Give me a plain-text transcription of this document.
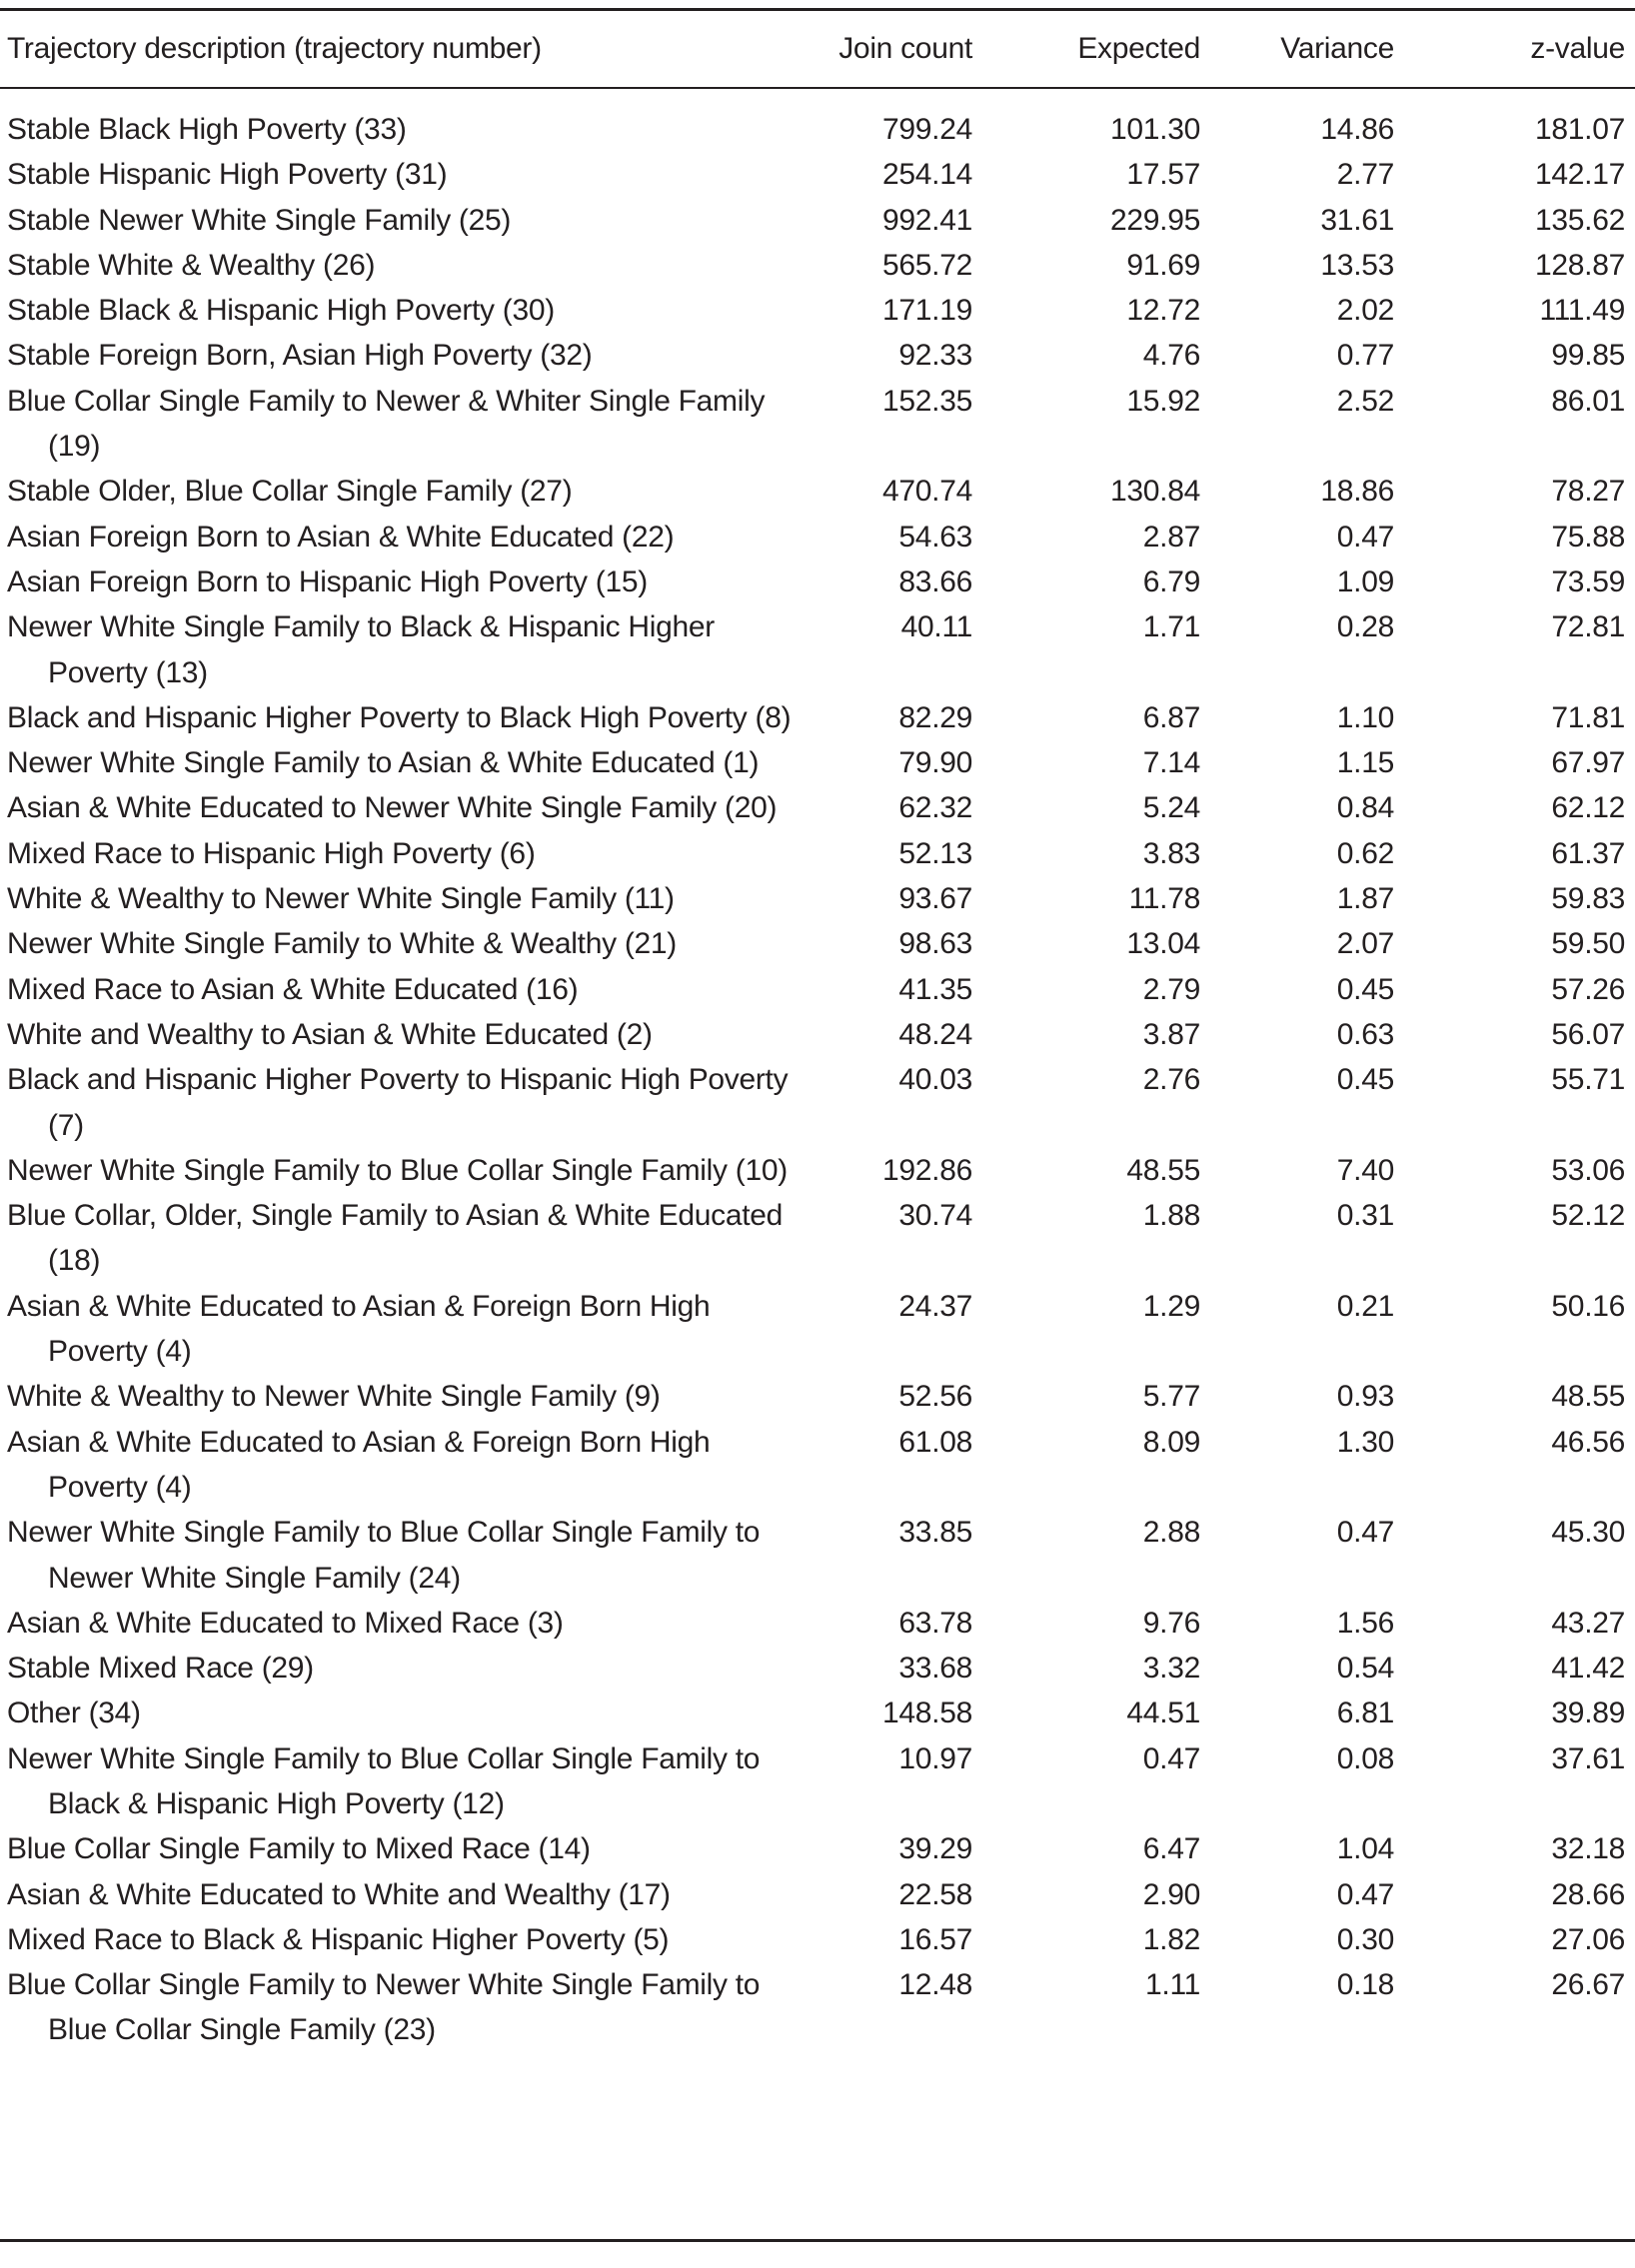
Trajectory description (trajectory number)	Join count	Expected	Variance	z-value

Stable Black High Poverty (33)	799.24	101.30	14.86	181.07

Stable Hispanic High Poverty (31)	254.14	17.57	2.77	142.17

Stable Newer White Single Family (25)	992.41	229.95	31.61	135.62

Stable White & Wealthy (26)	565.72	91.69	13.53	128.87

Stable Black & Hispanic High Poverty (30)	171.19	12.72	2.02	111.49

Stable Foreign Born, Asian High Poverty (32)	92.33	4.76	0.77	99.85

Blue Collar Single Family to Newer & Whiter Single Family (19)	152.35	15.92	2.52	86.01

Stable Older, Blue Collar Single Family (27)	470.74	130.84	18.86	78.27

Asian Foreign Born to Asian & White Educated (22)	54.63	2.87	0.47	75.88

Asian Foreign Born to Hispanic High Poverty (15)	83.66	6.79	1.09	73.59

Newer White Single Family to Black & Hispanic Higher Poverty (13)	40.11	1.71	0.28	72.81

Black and Hispanic Higher Poverty to Black High Poverty (8)	82.29	6.87	1.10	71.81

Newer White Single Family to Asian & White Educated (1)	79.90	7.14	1.15	67.97

Asian & White Educated to Newer White Single Family (20)	62.32	5.24	0.84	62.12

Mixed Race to Hispanic High Poverty (6)	52.13	3.83	0.62	61.37

White & Wealthy to Newer White Single Family (11)	93.67	11.78	1.87	59.83

Newer White Single Family to White & Wealthy (21)	98.63	13.04	2.07	59.50

Mixed Race to Asian & White Educated (16)	41.35	2.79	0.45	57.26

White and Wealthy to Asian & White Educated (2)	48.24	3.87	0.63	56.07

Black and Hispanic Higher Poverty to Hispanic High Poverty (7)	40.03	2.76	0.45	55.71

Newer White Single Family to Blue Collar Single Family (10)	192.86	48.55	7.40	53.06

Blue Collar, Older, Single Family to Asian & White Educated (18)	30.74	1.88	0.31	52.12

Asian & White Educated to Asian & Foreign Born High Poverty (4)	24.37	1.29	0.21	50.16

White & Wealthy to Newer White Single Family (9)	52.56	5.77	0.93	48.55

Asian & White Educated to Asian & Foreign Born High Poverty (4)	61.08	8.09	1.30	46.56

Newer White Single Family to Blue Collar Single Family to Newer White Single Family (24)	33.85	2.88	0.47	45.30

Asian & White Educated to Mixed Race (3)	63.78	9.76	1.56	43.27

Stable Mixed Race (29)	33.68	3.32	0.54	41.42

Other (34)	148.58	44.51	6.81	39.89

Newer White Single Family to Blue Collar Single Family to Black & Hispanic High Poverty (12)	10.97	0.47	0.08	37.61

Blue Collar Single Family to Mixed Race (14)	39.29	6.47	1.04	32.18

Asian & White Educated to White and Wealthy (17)	22.58	2.90	0.47	28.66

Mixed Race to Black & Hispanic Higher Poverty (5)	16.57	1.82	0.30	27.06

Blue Collar Single Family to Newer White Single Family to Blue Collar Single Family (23)	12.48	1.11	0.18	26.67
